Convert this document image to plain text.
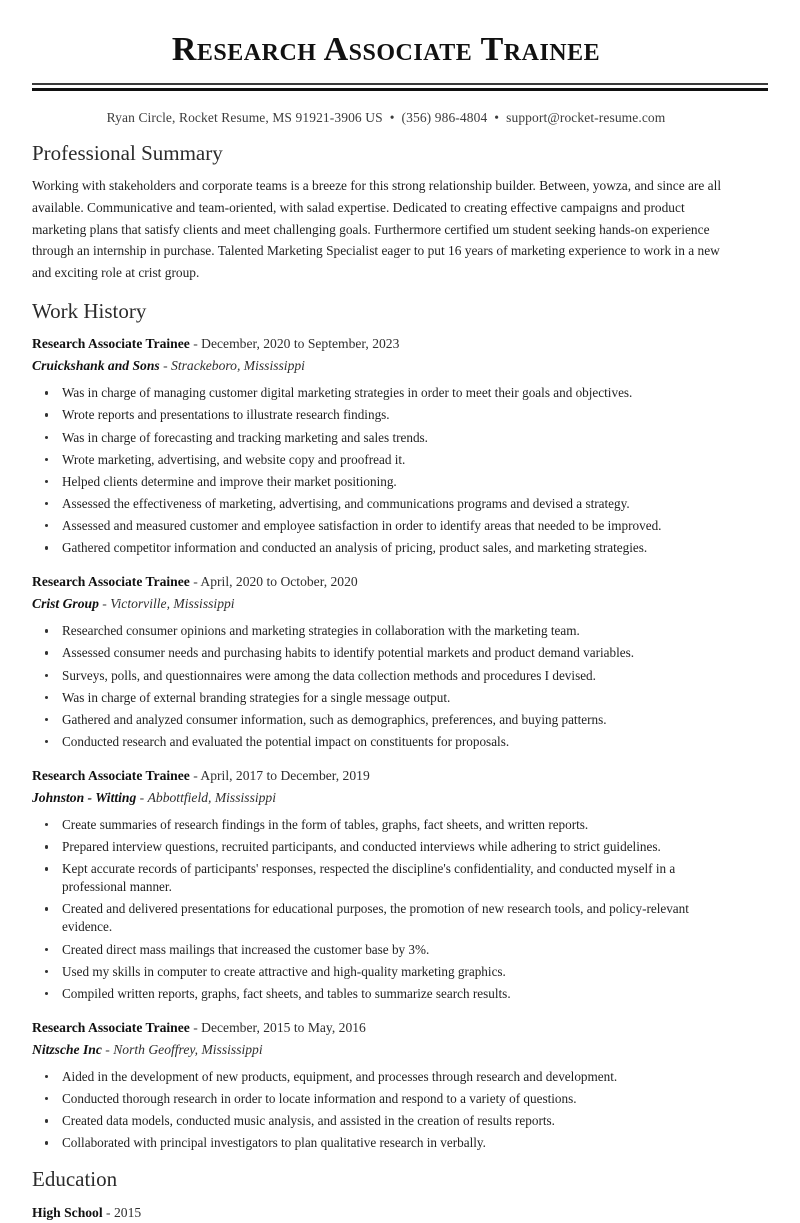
Research Associate Trainee
Ryan Circle, Rocket Resume, MS 91921-3906 US • (356) 986-4804 • support@rocket-resume.com
Professional Summary

Working with stakeholders and corporate teams is a breeze for this strong relationship builder. Between, yowza, and since are all available. Communicative and team-oriented, with salad expertise. Dedicated to creating effective campaigns and product marketing plans that satisfy clients and meet challenging goals. Furthermore certified um student seeking hands-on experience through an internship in purchase. Talented Marketing Specialist eager to put 16 years of marketing experience to work in a new and exciting role at crist group.

Work History
Research Associate Trainee - December, 2020 to September, 2023
Cruickshank and Sons - Strackeboro, Mississippi
Was in charge of managing customer digital marketing strategies in order to meet their goals and objectives.
Wrote reports and presentations to illustrate research findings.
Was in charge of forecasting and tracking marketing and sales trends.
Wrote marketing, advertising, and website copy and proofread it.
Helped clients determine and improve their market positioning.
Assessed the effectiveness of marketing, advertising, and communications programs and devised a strategy.
Assessed and measured customer and employee satisfaction in order to identify areas that needed to be improved.
Gathered competitor information and conducted an analysis of pricing, product sales, and marketing strategies.
Research Associate Trainee - April, 2020 to October, 2020
Crist Group - Victorville, Mississippi
Researched consumer opinions and marketing strategies in collaboration with the marketing team.
Assessed consumer needs and purchasing habits to identify potential markets and product demand variables.
Surveys, polls, and questionnaires were among the data collection methods and procedures I devised.
Was in charge of external branding strategies for a single message output.
Gathered and analyzed consumer information, such as demographics, preferences, and buying patterns.
Conducted research and evaluated the potential impact on constituents for proposals.
Research Associate Trainee - April, 2017 to December, 2019
Johnston - Witting - Abbottfield, Mississippi
Create summaries of research findings in the form of tables, graphs, fact sheets, and written reports.
Prepared interview questions, recruited participants, and conducted interviews while adhering to strict guidelines.
Kept accurate records of participants' responses, respected the discipline's confidentiality, and conducted myself in a professional manner.
Created and delivered presentations for educational purposes, the promotion of new research tools, and policy-relevant evidence.
Created direct mass mailings that increased the customer base by 3%.
Used my skills in computer to create attractive and high-quality marketing graphics.
Compiled written reports, graphs, fact sheets, and tables to summarize search results.
Research Associate Trainee - December, 2015 to May, 2016
Nitzsche Inc - North Geoffrey, Mississippi
Aided in the development of new products, equipment, and processes through research and development.
Conducted thorough research in order to locate information and respond to a variety of questions.
Created data models, conducted music analysis, and assisted in the creation of results reports.
Collaborated with principal investigators to plan qualitative research in verbally.
Education
High School - 2015
